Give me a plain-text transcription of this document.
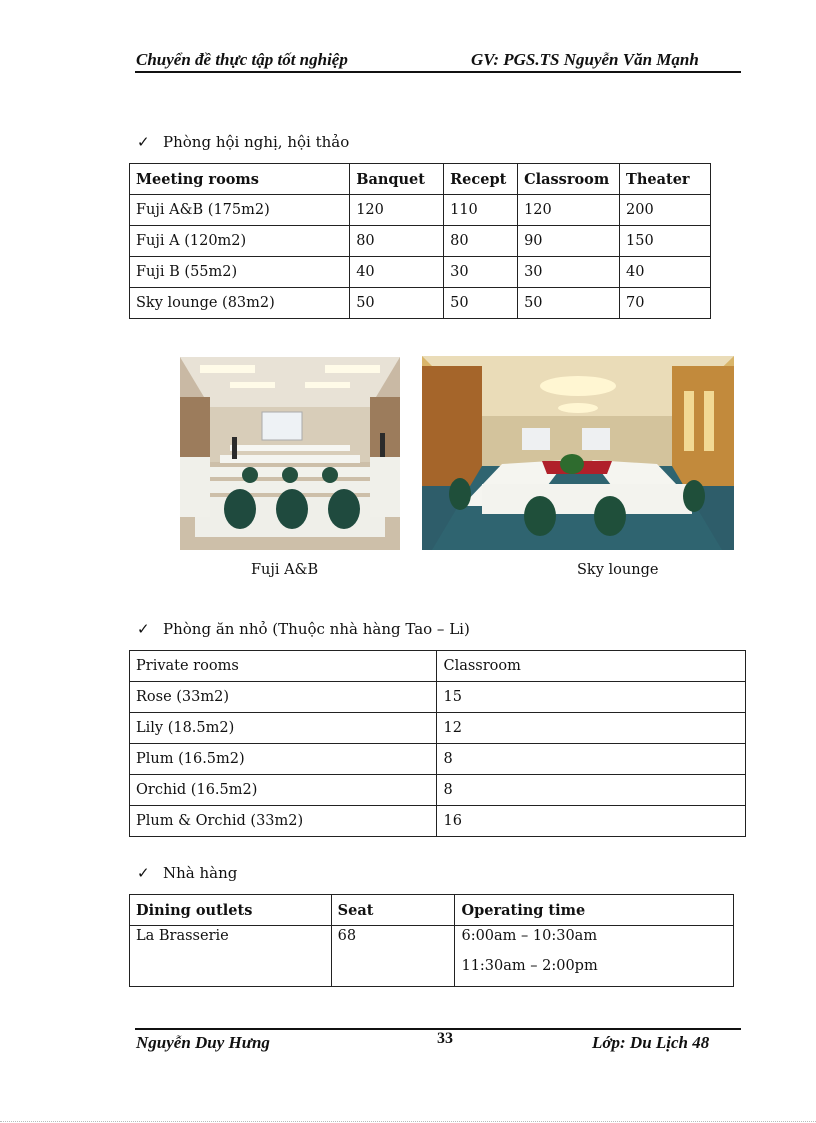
Chuyển đề thực tập tốt nghiệp	GV: PGS.TS Nguyễn Văn Mạnh
✓ Phòng hội nghị, hội thảo
Meeting rooms	Banquet	Recept	Classroom	Theater
Fuji A&B (175m2)	120	110	120	200
Fuji A (120m2)	80	80	90	150
Fuji B (55m2)	40	30	30	40
Sky lounge (83m2)	50	50	50	70
Fuji A&B	Sky lounge
✓ Phòng ăn nhỏ (Thuộc nhà hàng Tao – Li)
Private rooms	Classroom
Rose (33m2)	15
Lily (18.5m2)	12
Plum (16.5m2)	8
Orchid (16.5m2)	8
Plum & Orchid (33m2)	16
✓ Nhà hàng
Dining outlets	Seat	Operating time
La Brasserie	68	6:00am – 10:30am
11:30am – 2:00pm
Nguyễn Duy Hưng	33	Lớp: Du Lịch 48
